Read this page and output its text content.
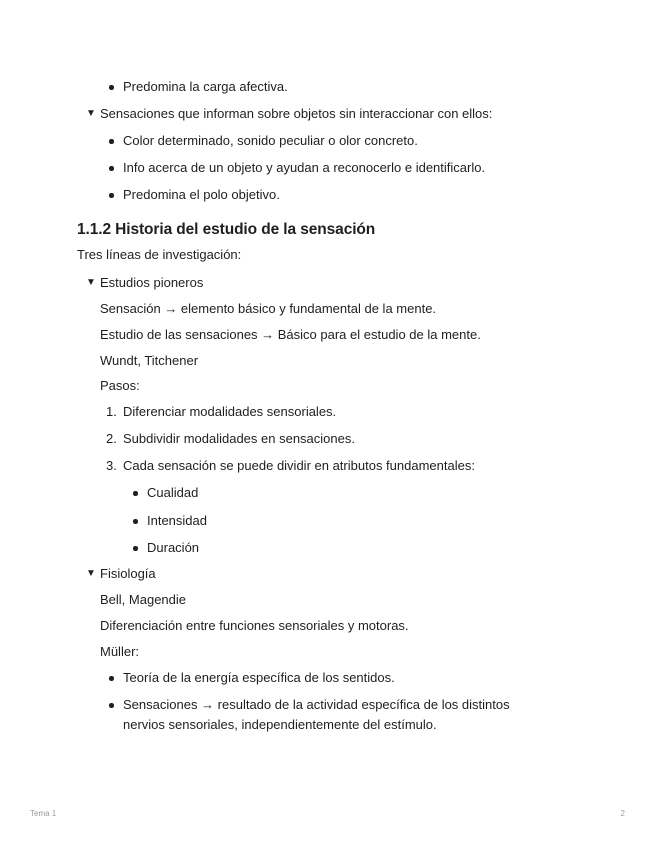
Predomina la carga afectiva.
▼ Sensaciones que informan sobre objetos sin interaccionar con ellos:
Color determinado, sonido peculiar o olor concreto.
Info acerca de un objeto y ayudan a reconocerlo e identificarlo.
Predomina el polo objetivo.
1.1.2 Historia del estudio de la sensación
Tres líneas de investigación:
▼ Estudios pioneros
Sensación → elemento básico y fundamental de la mente.
Estudio de las sensaciones → Básico para el estudio de la mente.
Wundt, Titchener
Pasos:
1. Diferenciar modalidades sensoriales.
2. Subdividir modalidades en sensaciones.
3. Cada sensación se puede dividir en atributos fundamentales:
Cualidad
Intensidad
Duración
▼ Fisiología
Bell, Magendie
Diferenciación entre funciones sensoriales y motoras.
Müller:
Teoría de la energía específica de los sentidos.
Sensaciones → resultado de la actividad específica de los distintos
nervios sensoriales, independientemente del estímulo.
Tema 1	2
